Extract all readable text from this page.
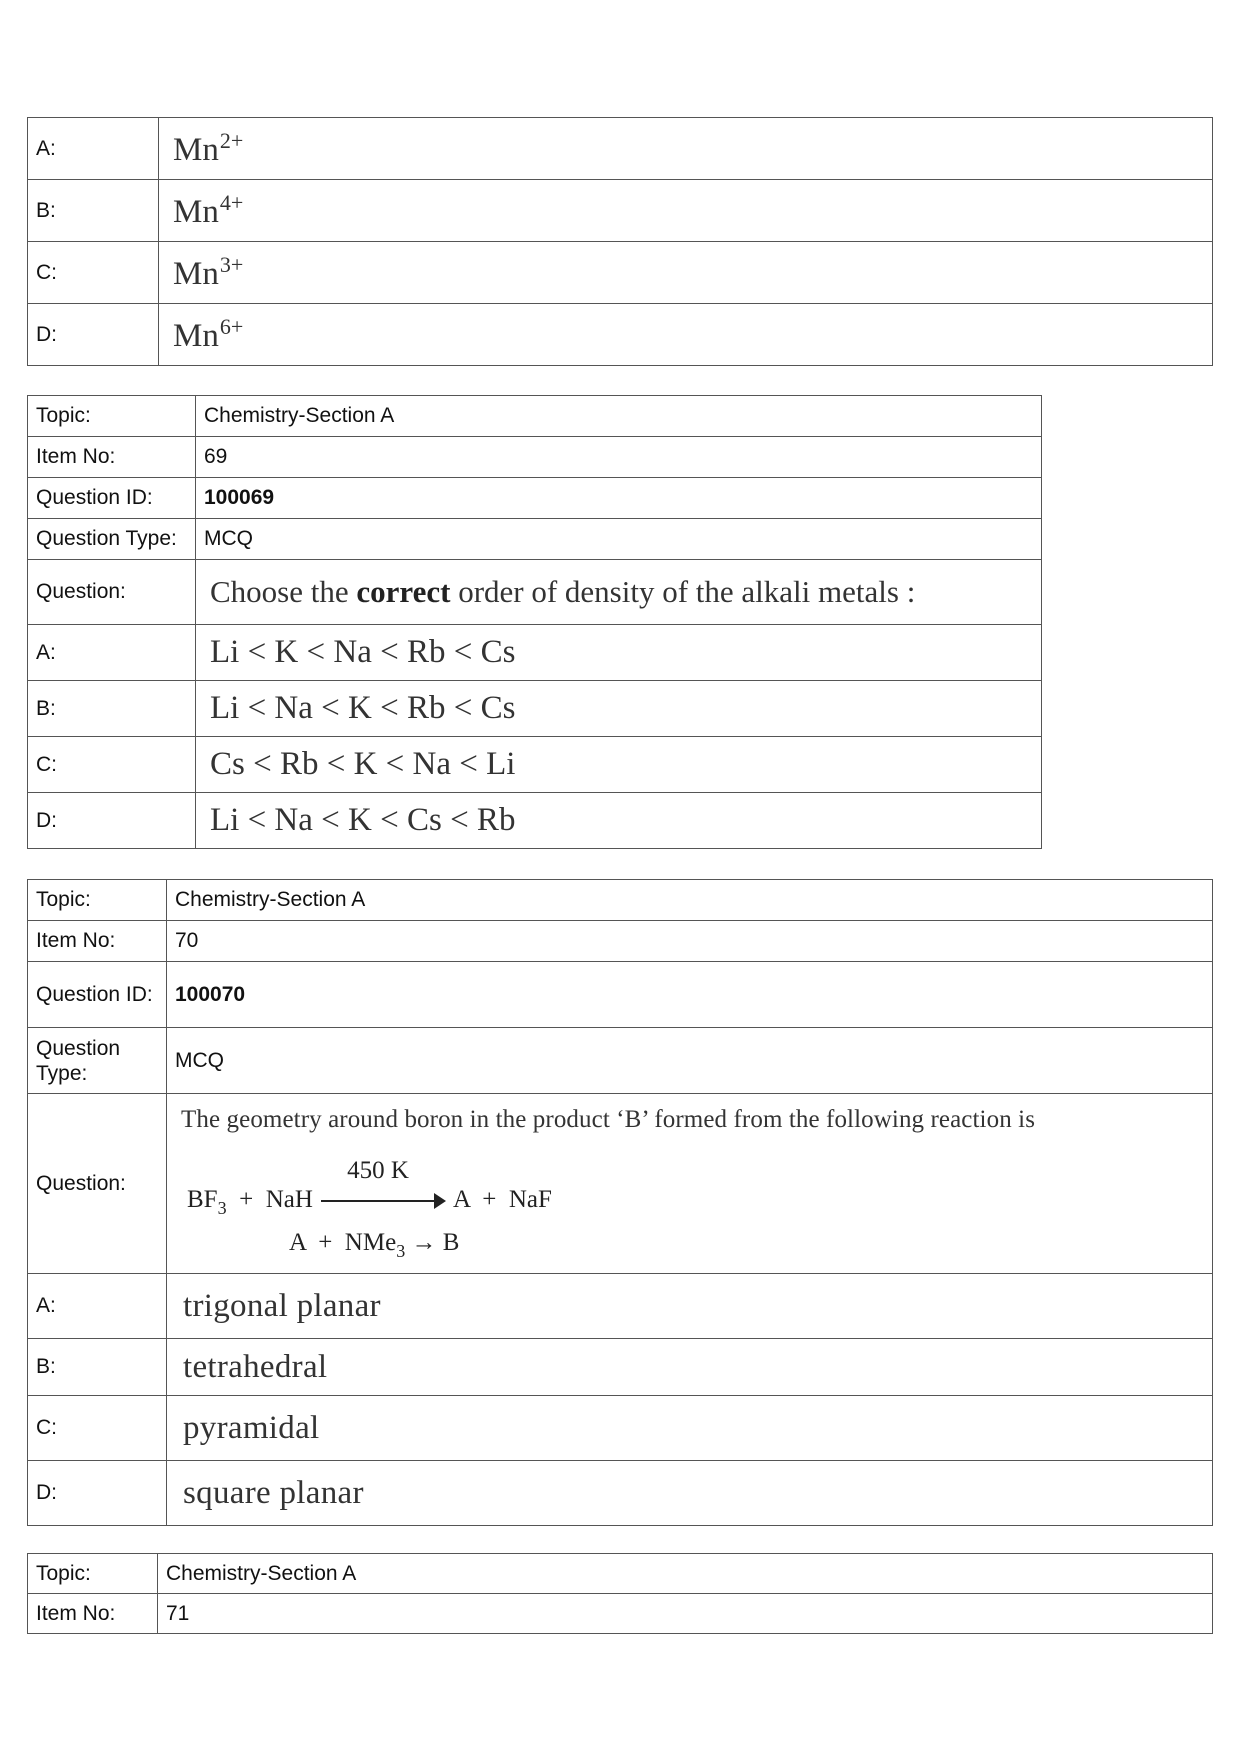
A:	$Mn^{2+}$
B:	$Mn^{4+}$
C:	$Mn^{3+}$
D:	$Mn^{6+}$
Topic:	Chemistry-Section A
Item No:	69
Question ID:	100069
Question Type:	MCQ
Question:	Choose the correct order of density of the alkali metals :
A:	Li < K < Na < Rb < Cs
B:	Li < Na < K < Rb < Cs
C:	Cs < Rb < K < Na < Li
D:	Li < Na < K < Cs < Rb
Topic:	Chemistry-Section A
Item No:	70
Question ID:	100070
Question Type:	MCQ
Question:	The geometry around boron in the product ‘B’ formed from the following reaction is
$BF_3$ + NaH
450 K
A + NaF
A + NMe$_3$ → B

A:	trigonal planar
B:	tetrahedral
C:	pyramidal
D:	square planar
Topic:	Chemistry-Section A
Item No:	71
